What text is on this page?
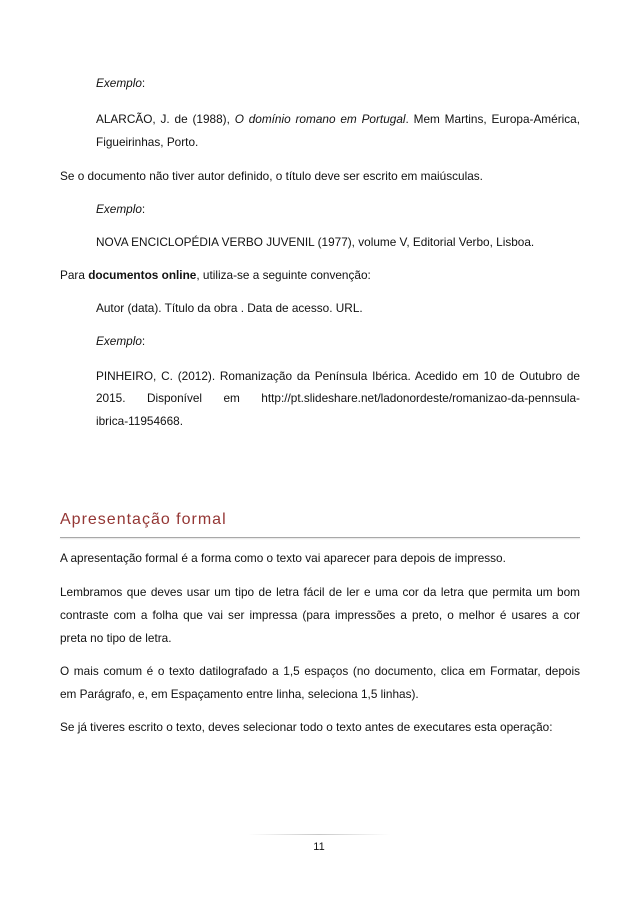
Exemplo:
ALARCÃO, J. de (1988), O domínio romano em Portugal. Mem Martins, Europa-América,
Figueirinhas, Porto.
Se o documento não tiver autor definido, o título deve ser escrito em maiúsculas.
Exemplo:
NOVA ENCICLOPÉDIA VERBO JUVENIL (1977), volume V, Editorial Verbo, Lisboa.
Para documentos online, utiliza-se a seguinte convenção:
Autor (data). Título da obra . Data de acesso. URL.
Exemplo:
PINHEIRO, C. (2012). Romanização da Península Ibérica. Acedido em 10 de Outubro de
2015. Disponível em http://pt.slideshare.net/ladonordeste/romanizao-da-pennsula-
ibrica-11954668.
Apresentação formal
A apresentação formal é a forma como o texto vai aparecer para depois de impresso.
Lembramos que deves usar um tipo de letra fácil de ler e uma cor da letra que permita um bom
contraste com a folha que vai ser impressa (para impressões a preto, o melhor é usares a cor
preta no tipo de letra.
O mais comum é o texto datilografado a 1,5 espaços (no documento, clica em Formatar, depois
em Parágrafo, e, em Espaçamento entre linha, seleciona 1,5 linhas).
Se já tiveres escrito o texto, deves selecionar todo o texto antes de executares esta operação:
11
